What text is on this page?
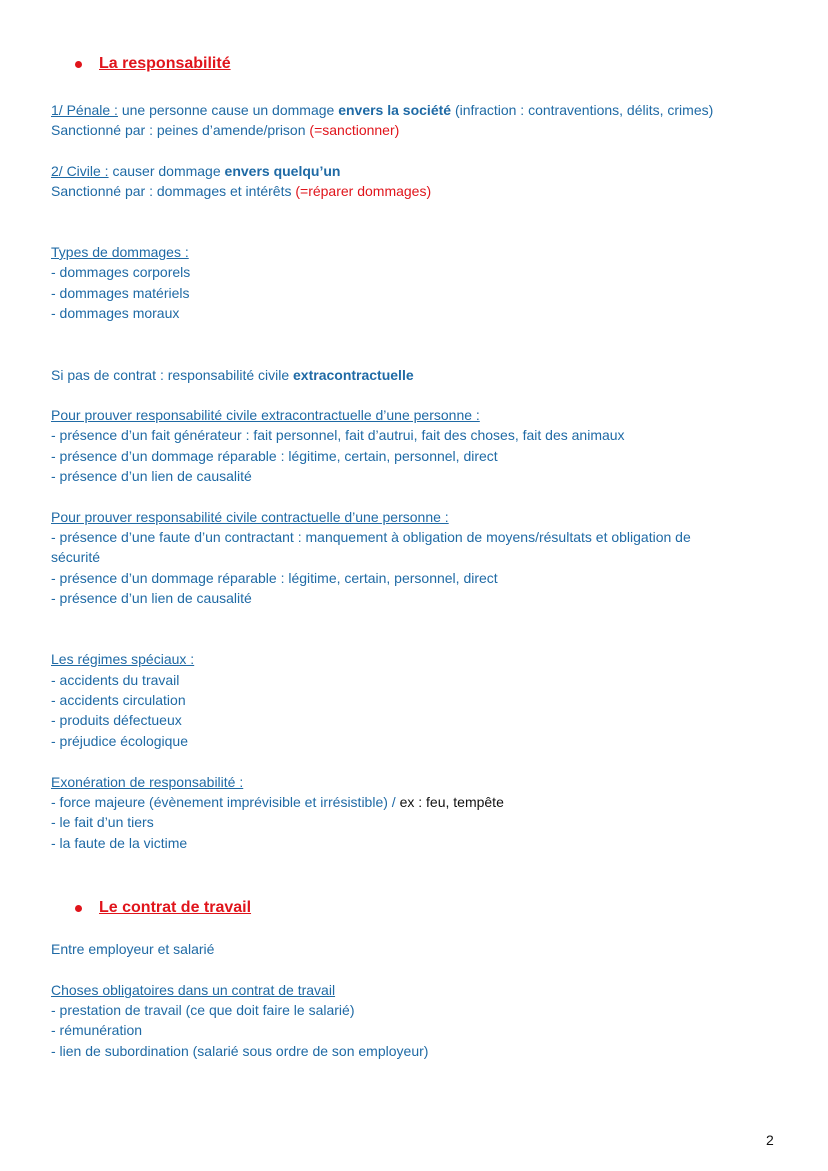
La responsabilité
1/ Pénale : une personne cause un dommage envers la société (infraction : contraventions, délits, crimes)
Sanctionné par : peines d’amende/prison (=sanctionner)
2/ Civile : causer dommage envers quelqu’un
Sanctionné par : dommages et intérêts (=réparer dommages)
Types de dommages :
- dommages corporels
- dommages matériels
- dommages moraux
Si pas de contrat : responsabilité civile extracontractuelle
Pour prouver responsabilité civile extracontractuelle d’une personne :
- présence d’un fait générateur : fait personnel, fait d’autrui, fait des choses, fait des animaux
- présence d’un dommage réparable : légitime, certain, personnel, direct
- présence d’un lien de causalité
Pour prouver responsabilité civile contractuelle d’une personne :
- présence d’une faute d’un contractant : manquement à obligation de moyens/résultats et obligation de
sécurité
- présence d’un dommage réparable : légitime, certain, personnel, direct
- présence d’un lien de causalité
Les régimes spéciaux :
- accidents du travail
- accidents circulation
- produits défectueux
- préjudice écologique
Exonération de responsabilité :
- force majeure (évènement imprévisible et irrésistible) / ex : feu, tempête
- le fait d’un tiers
- la faute de la victime
Le contrat de travail
Entre employeur et salarié
Choses obligatoires dans un contrat de travail
- prestation de travail (ce que doit faire le salarié)
- rémunération
- lien de subordination (salarié sous ordre de son employeur)
2
